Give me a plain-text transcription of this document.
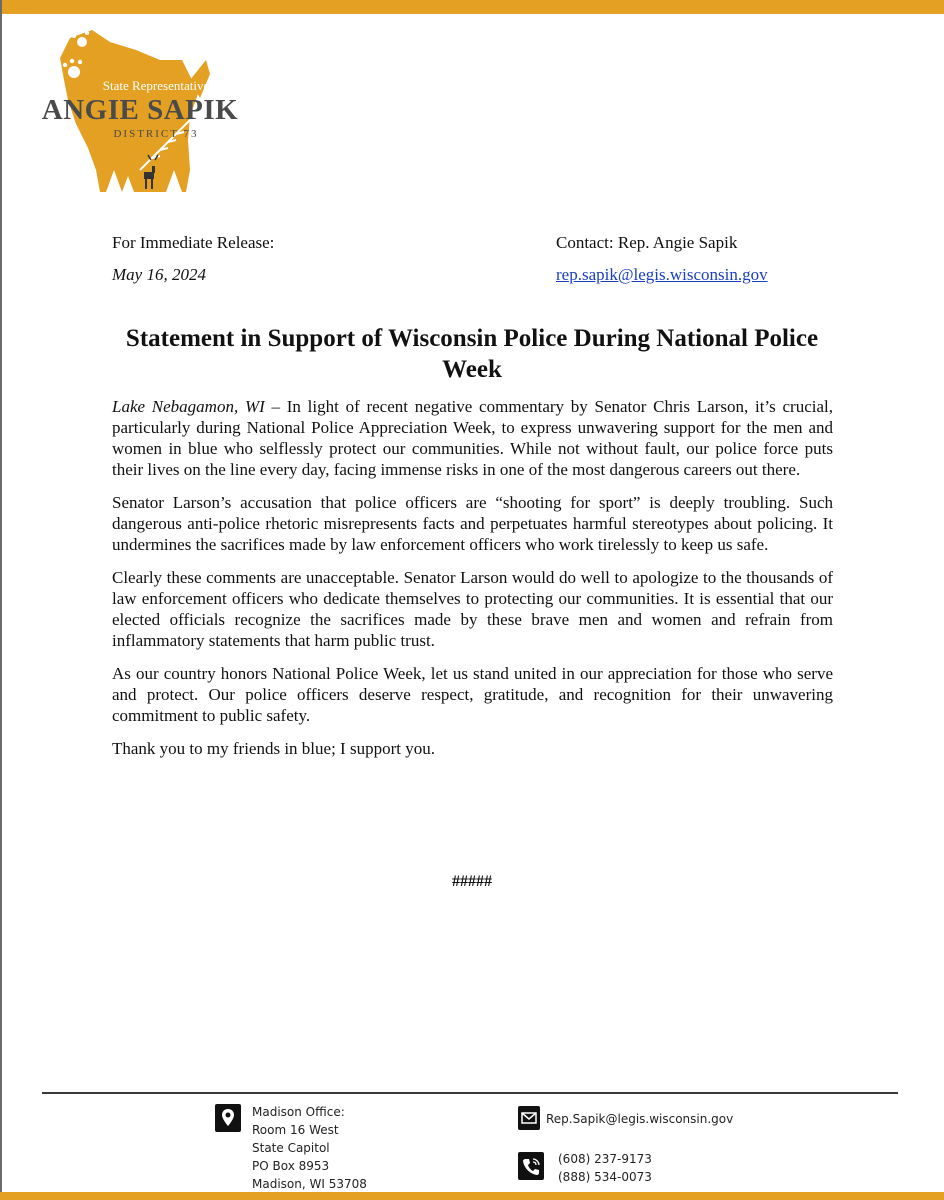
State Representative
ANGIE SAPIK
DISTRICT 73
For Immediate Release:
May 16, 2024
Contact: Rep. Angie Sapik
rep.sapik@legis.wisconsin.gov
Statement in Support of Wisconsin Police During National Police Week

Lake Nebagamon, WI – In light of recent negative commentary by Senator Chris Larson, it’s crucial, particularly during National Police Appreciation Week, to express unwavering support for the men and women in blue who selflessly protect our communities. While not without fault, our police force puts their lives on the line every day, facing immense risks in one of the most dangerous careers out there.

Senator Larson’s accusation that police officers are “shooting for sport” is deeply troubling. Such dangerous anti-police rhetoric misrepresents facts and perpetuates harmful stereotypes about policing. It undermines the sacrifices made by law enforcement officers who work tirelessly to keep us safe.

Clearly these comments are unacceptable. Senator Larson would do well to apologize to the thousands of law enforcement officers who dedicate themselves to protecting our communities. It is essential that our elected officials recognize the sacrifices made by these brave men and women and refrain from inflammatory statements that harm public trust.

As our country honors National Police Week, let us stand united in our appreciation for those who serve and protect. Our police officers deserve respect, gratitude, and recognition for their unwavering commitment to public safety.

Thank you to my friends in blue; I support you.

#####
Madison Office:
Room 16 West
State Capitol
PO Box 8953
Madison, WI 53708
Rep.Sapik@legis.wisconsin.gov
(608) 237-9173
(888) 534-0073
